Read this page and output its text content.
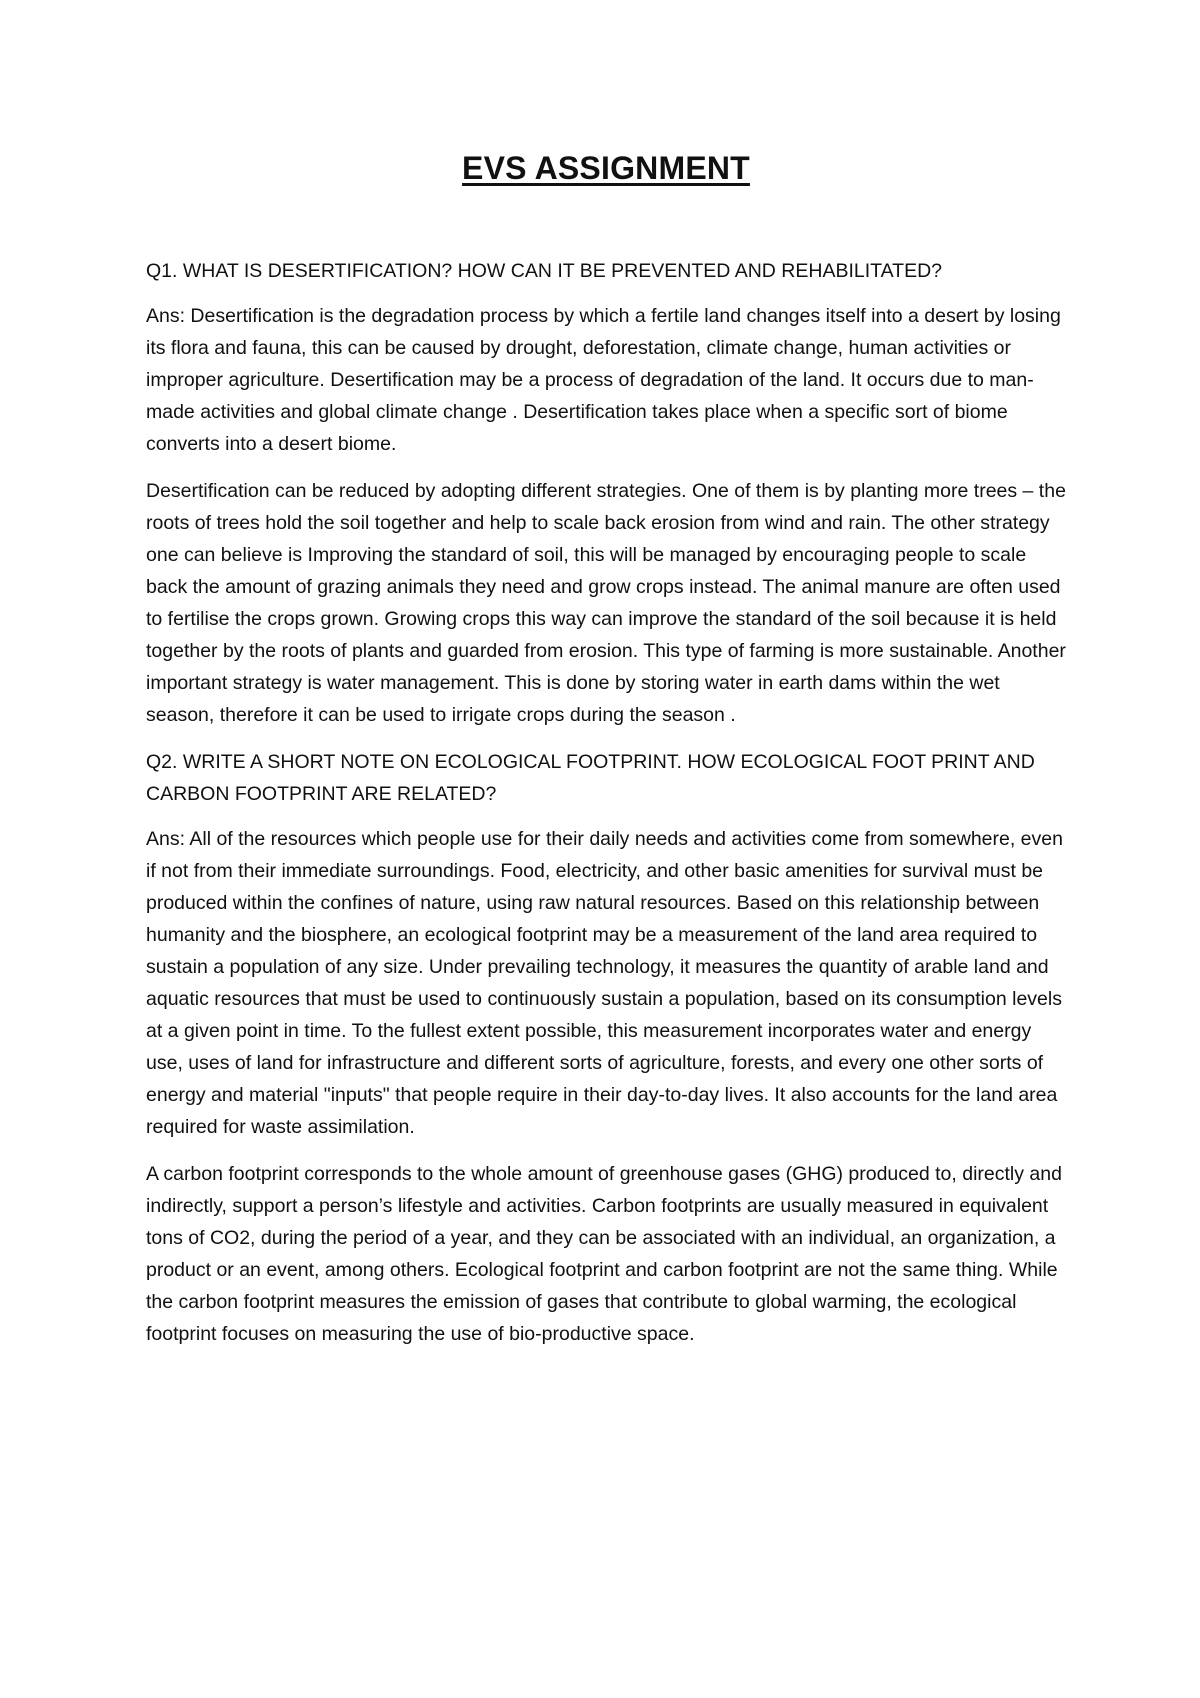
EVS ASSIGNMENT

Q1. WHAT IS DESERTIFICATION? HOW CAN IT BE PREVENTED AND REHABILITATED?

Ans: Desertification is the degradation process by which a fertile land changes itself into a desert by losing its flora and fauna, this can be caused by drought, deforestation, climate change, human activities or improper agriculture. Desertification may be a process of degradation of the land. It occurs due to man-made activities and global climate change . Desertification takes place when a specific sort of biome converts into a desert biome.

Desertification can be reduced by adopting different strategies. One of them is by planting more trees – the roots of trees hold the soil together and help to scale back erosion from wind and rain. The other strategy one can believe is Improving the standard of soil, this will be managed by encouraging people to scale back the amount of grazing animals they need and grow crops instead. The animal manure are often used to fertilise the crops grown. Growing crops this way can improve the standard of the soil because it is held together by the roots of plants and guarded from erosion. This type of farming is more sustainable. Another important strategy is water management. This is done by storing water in earth dams within the wet season, therefore it can be used to irrigate crops during the season .

Q2. WRITE A SHORT NOTE ON ECOLOGICAL FOOTPRINT. HOW ECOLOGICAL FOOT PRINT AND CARBON FOOTPRINT ARE RELATED?

Ans: All of the resources which people use for their daily needs and activities come from somewhere, even if not from their immediate surroundings. Food, electricity, and other basic amenities for survival must be produced within the confines of nature, using raw natural resources. Based on this relationship between humanity and the biosphere, an ecological footprint may be a measurement of the land area required to sustain a population of any size. Under prevailing technology, it measures the quantity of arable land and aquatic resources that must be used to continuously sustain a population, based on its consumption levels at a given point in time. To the fullest extent possible, this measurement incorporates water and energy use, uses of land for infrastructure and different sorts of agriculture, forests, and every one other sorts of energy and material "inputs" that people require in their day-to-day lives. It also accounts for the land area required for waste assimilation.

A carbon footprint corresponds to the whole amount of greenhouse gases (GHG) produced to, directly and indirectly, support a person’s lifestyle and activities. Carbon footprints are usually measured in equivalent tons of CO2, during the period of a year, and they can be associated with an individual, an organization, a product or an event, among others. Ecological footprint and carbon footprint are not the same thing. While the carbon footprint measures the emission of gases that contribute to global warming, the ecological footprint focuses on measuring the use of bio-productive space.
